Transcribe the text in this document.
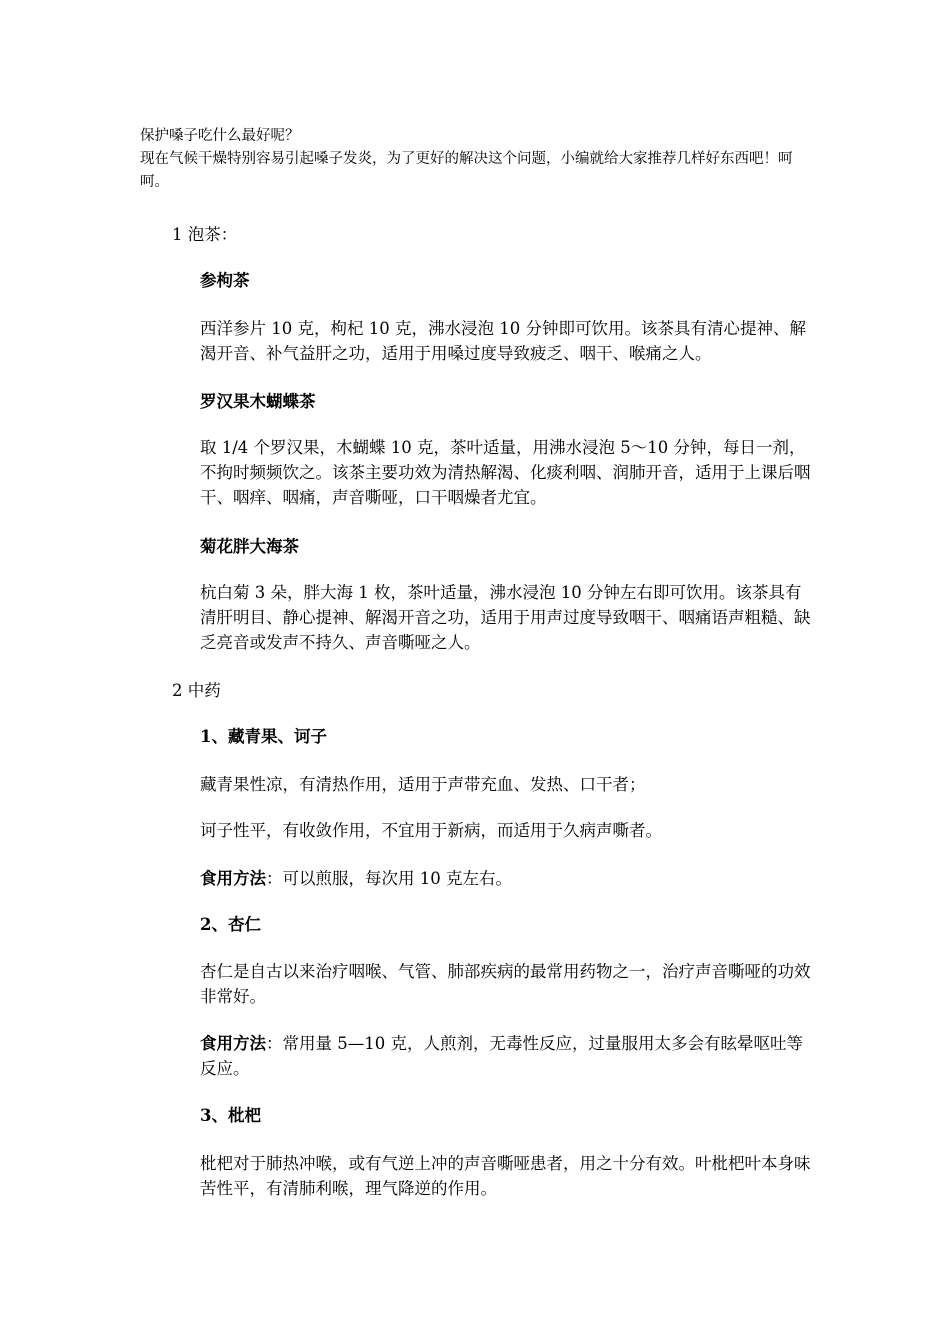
保护嗓子吃什么最好呢？

现在气候干燥特别容易引起嗓子发炎，为了更好的解决这个问题，小编就给大家推荐几样好东西吧！呵呵。

1 泡茶：

参枸茶

西洋参片 10 克，枸杞 10 克，沸水浸泡 10 分钟即可饮用。该茶具有清心提神、解渴开音、补气益肝之功，适用于用嗓过度导致疲乏、咽干、喉痛之人。

罗汉果木蝴蝶茶

取 1/4 个罗汉果，木蝴蝶 10 克，茶叶适量，用沸水浸泡 5～10 分钟，每日一剂，不拘时频频饮之。该茶主要功效为清热解渴、化痰利咽、润肺开音，适用于上课后咽干、咽痒、咽痛，声音嘶哑，口干咽燥者尤宜。

菊花胖大海茶

杭白菊 3 朵，胖大海 1 枚，茶叶适量，沸水浸泡 10 分钟左右即可饮用。该茶具有清肝明目、静心提神、解渴开音之功，适用于用声过度导致咽干、咽痛语声粗糙、缺乏亮音或发声不持久、声音嘶哑之人。

2 中药

1、藏青果、诃子

藏青果性凉，有清热作用，适用于声带充血、发热、口干者；

诃子性平，有收敛作用，不宜用于新病，而适用于久病声嘶者。

食用方法：可以煎服，每次用 10 克左右。

2、杏仁

杏仁是自古以来治疗咽喉、气管、肺部疾病的最常用药物之一，治疗声音嘶哑的功效非常好。

食用方法：常用量 5—10 克，人煎剂，无毒性反应，过量服用太多会有眩晕呕吐等反应。

3、枇杷

枇杷对于肺热冲喉，或有气逆上冲的声音嘶哑患者，用之十分有效。叶枇杷叶本身味苦性平，有清肺利喉，理气降逆的作用。
